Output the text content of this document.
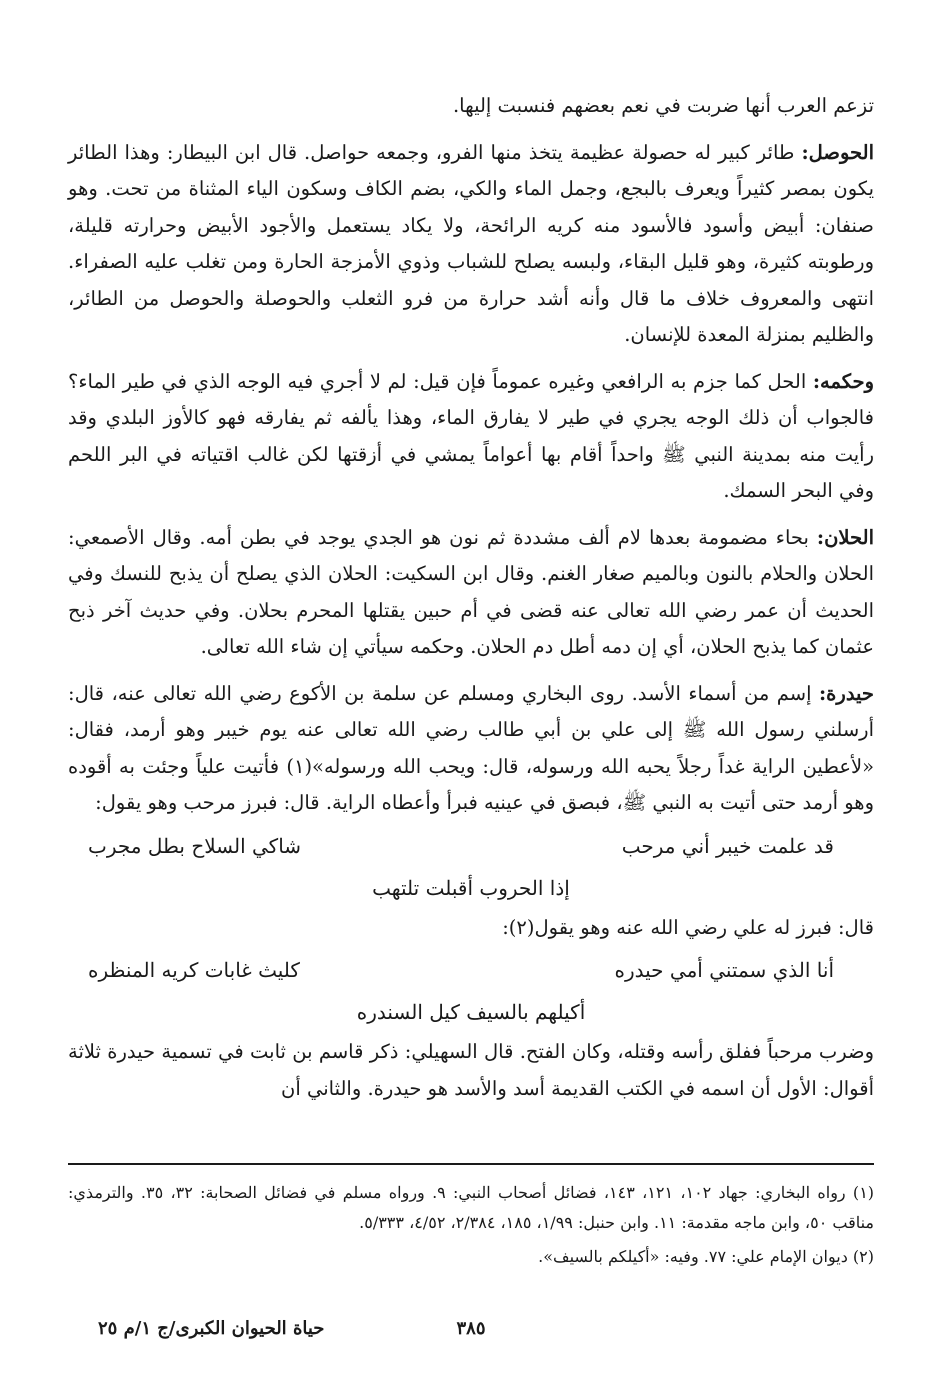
تزعم العرب أنها ضربت في نعم بعضهم فنسبت إليها.

الحوصل: طائر كبير له حصولة عظيمة يتخذ منها الفرو، وجمعه حواصل. قال ابن البيطار: وهذا الطائر يكون بمصر كثيراً ويعرف بالبجع، وجمل الماء والكي، بضم الكاف وسكون الياء المثناة من تحت. وهو صنفان: أبيض وأسود فالأسود منه كريه الرائحة، ولا يكاد يستعمل والأجود الأبيض وحرارته قليلة، ورطوبته كثيرة، وهو قليل البقاء، ولبسه يصلح للشباب وذوي الأمزجة الحارة ومن تغلب عليه الصفراء. انتهى والمعروف خلاف ما قال وأنه أشد حرارة من فرو الثعلب والحوصلة والحوصل من الطائر، والظليم بمنزلة المعدة للإنسان.

وحكمه: الحل كما جزم به الرافعي وغيره عموماً فإن قيل: لم لا أجري فيه الوجه الذي في طير الماء؟ فالجواب أن ذلك الوجه يجري في طير لا يفارق الماء، وهذا يألفه ثم يفارقه فهو كالأوز البلدي وقد رأيت منه بمدينة النبي ﷺ واحداً أقام بها أعواماً يمشي في أزقتها لكن غالب اقتياته في البر اللحم وفي البحر السمك.

الحلان: بحاء مضمومة بعدها لام ألف مشددة ثم نون هو الجدي يوجد في بطن أمه. وقال الأصمعي: الحلان والحلام بالنون وبالميم صغار الغنم. وقال ابن السكيت: الحلان الذي يصلح أن يذبح للنسك وفي الحديث أن عمر رضي الله تعالى عنه قضى في أم حبين يقتلها المحرم بحلان. وفي حديث آخر ذبح عثمان كما يذبح الحلان، أي إن دمه أطل دم الحلان. وحكمه سيأتي إن شاء الله تعالى.

حيدرة: إسم من أسماء الأسد. روى البخاري ومسلم عن سلمة بن الأكوع رضي الله تعالى عنه، قال: أرسلني رسول الله ﷺ إلى علي بن أبي طالب رضي الله تعالى عنه يوم خيبر وهو أرمد، فقال: «لأعطين الراية غداً رجلاً يحبه الله ورسوله، قال: ويحب الله ورسوله»(١) فأتيت علياً وجئت به أقوده وهو أرمد حتى أتيت به النبي ﷺ، فبصق في عينيه فبرأ وأعطاه الراية. قال: فبرز مرحب وهو يقول:

قد علمت خيبر أني مرحب
شاكي السلاح بطل مجرب
إذا الحروب أقبلت تلتهب

قال: فبرز له علي رضي الله عنه وهو يقول(٢):

أنا الذي سمتني أمي حيدره
كليث غابات كريه المنظره
أكيلهم بالسيف كيل السندره

وضرب مرحباً ففلق رأسه وقتله، وكان الفتح. قال السهيلي: ذكر قاسم بن ثابت في تسمية حيدرة ثلاثة أقوال: الأول أن اسمه في الكتب القديمة أسد والأسد هو حيدرة. والثاني أن

(١) رواه البخاري: جهاد ١٠٢، ١٢١، ١٤٣، فضائل أصحاب النبي: ٩. ورواه مسلم في فضائل الصحابة: ٣٢، ٣٥. والترمذي: مناقب ٥٠، وابن ماجه مقدمة: ١١. وابن حنبل: ١/٩٩، ١٨٥، ٢/٣٨٤، ٤/٥٢، ٥/٣٣٣.

(٢) ديوان الإمام علي: ٧٧. وفيه: «أكيلكم بالسيف».

٣٨٥
حياة الحيوان الكبرى/ج ١/م ٢٥
